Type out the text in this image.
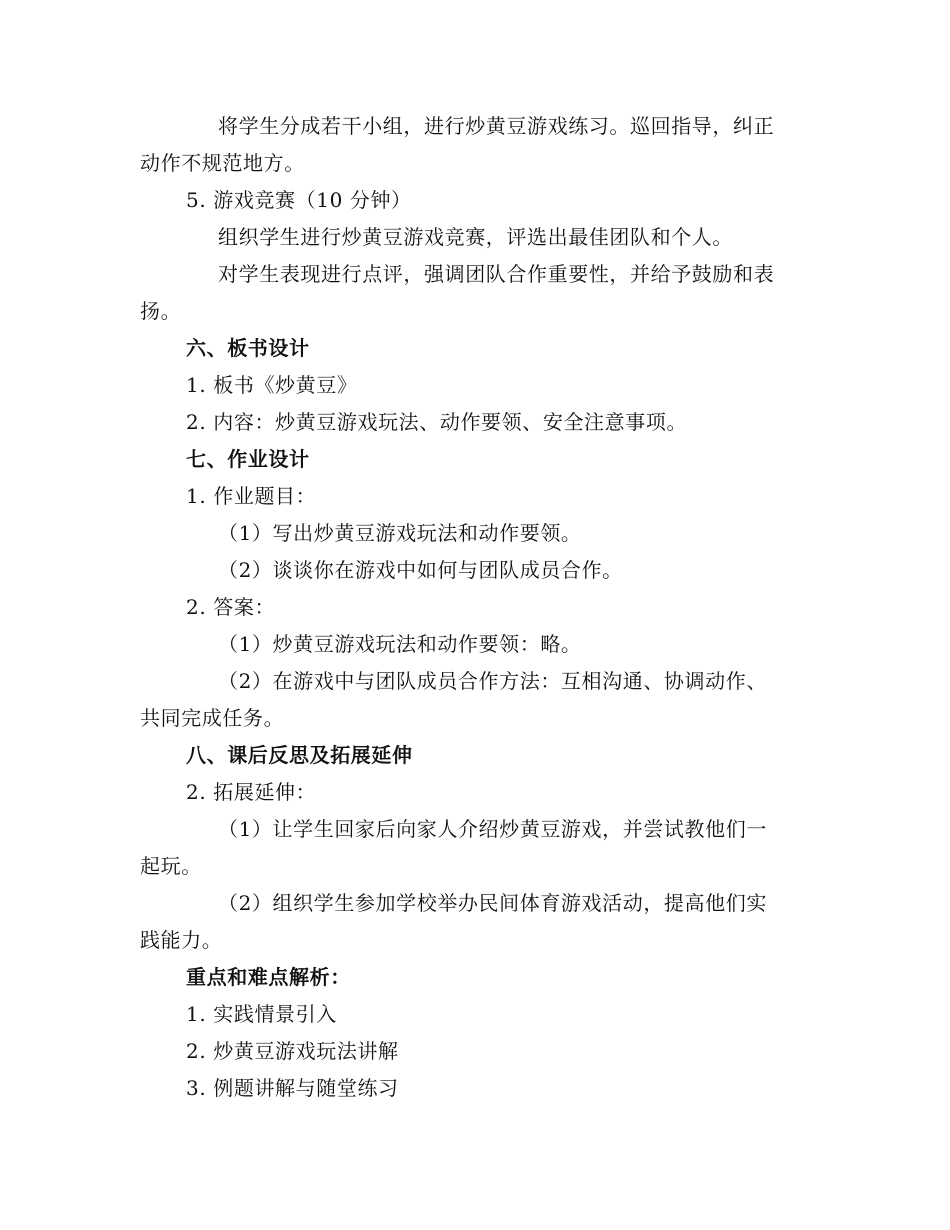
将学生分成若干小组，进行炒黄豆游戏练习。巡回指导，纠正
动作不规范地方。
5. 游戏竞赛（10 分钟）
组织学生进行炒黄豆游戏竞赛，评选出最佳团队和个人。
对学生表现进行点评，强调团队合作重要性，并给予鼓励和表
扬。
六、板书设计
1. 板书《炒黄豆》
2. 内容：炒黄豆游戏玩法、动作要领、安全注意事项。
七、作业设计
1. 作业题目：
（1）写出炒黄豆游戏玩法和动作要领。
（2）谈谈你在游戏中如何与团队成员合作。
2. 答案：
（1）炒黄豆游戏玩法和动作要领：略。
（2）在游戏中与团队成员合作方法：互相沟通、协调动作、
共同完成任务。
八、课后反思及拓展延伸
2. 拓展延伸：
（1）让学生回家后向家人介绍炒黄豆游戏，并尝试教他们一
起玩。
（2）组织学生参加学校举办民间体育游戏活动，提高他们实
践能力。
重点和难点解析：
1. 实践情景引入
2. 炒黄豆游戏玩法讲解
3. 例题讲解与随堂练习
